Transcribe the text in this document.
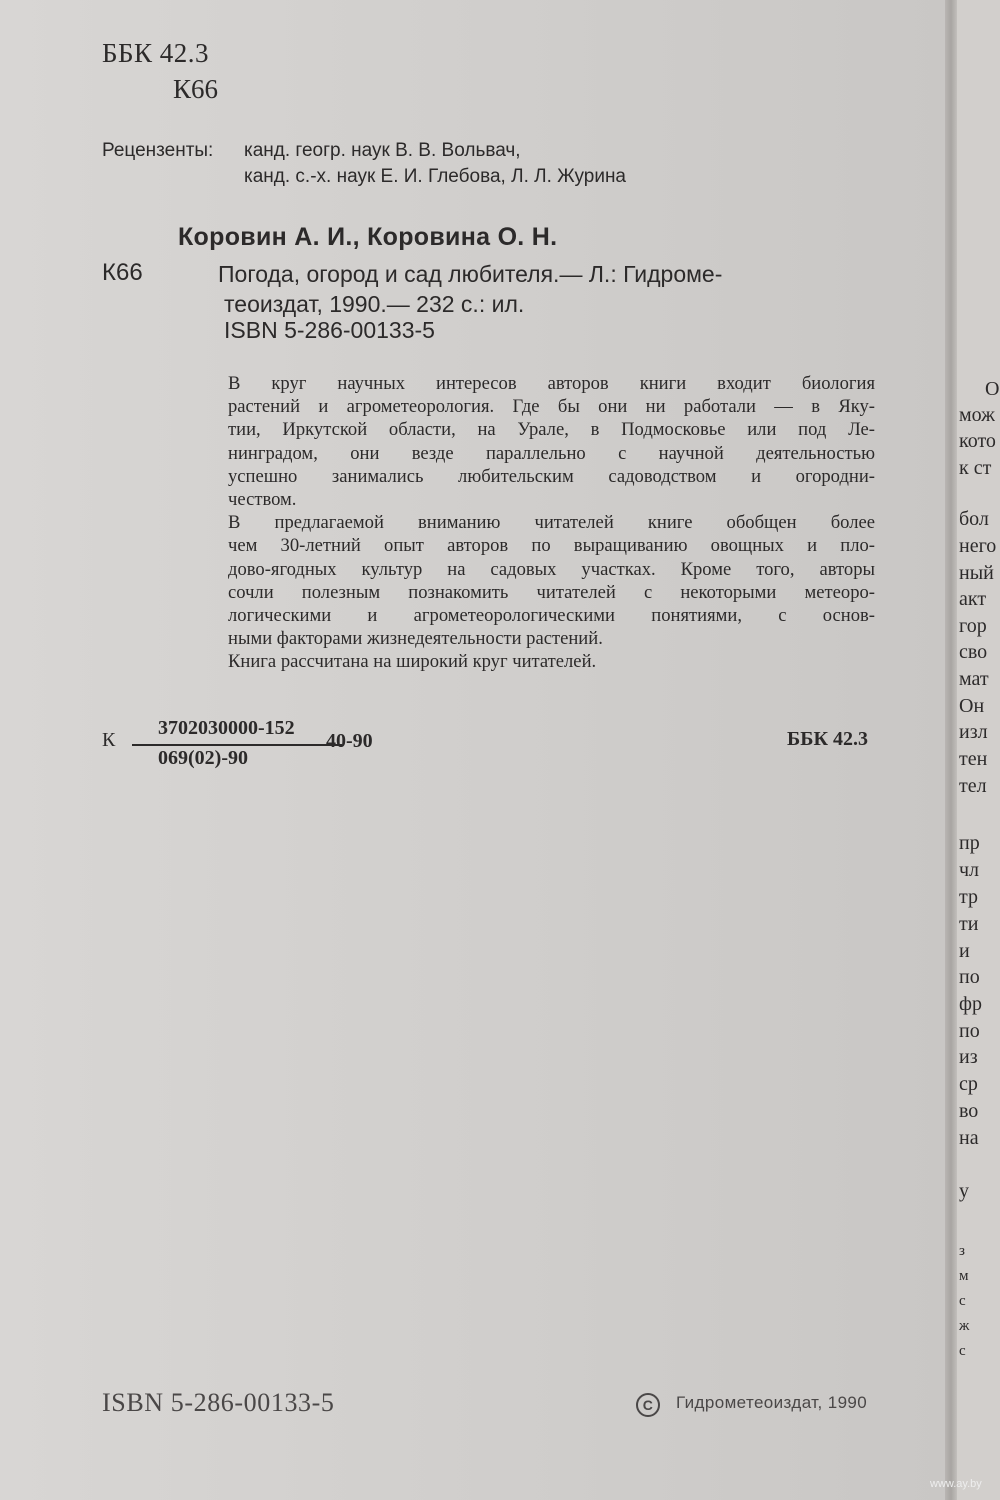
ББК 42.3
К66
Рецензенты: канд. геогр. наук В. В. Вольвач,
канд. с.-х. наук Е. И. Глебова, Л. Л. Журина
Коровин А. И., Коровина О. Н.
К66	Погода, огород и сад любителя.— Л.: Гидроме-
теоиздат, 1990.— 232 с.: ил.
ISBN 5-286-00133-5

В круг научных интересов авторов книги входит биология
растений и агрометеорология. Где бы они ни работали — в Яку-
тии, Иркутской области, на Урале, в Подмосковье или под Ле-
нинградом, они везде параллельно с научной деятельностью
успешно занимались любительским садоводством и огородни-
чеством.

В предлагаемой вниманию читателей книге обобщен более
чем 30-летний опыт авторов по выращиванию овощных и пло-
дово-ягодных культур на садовых участках. Кроме того, авторы
сочли полезным познакомить читателей с некоторыми метеоро-
логическими и агрометеорологическими понятиями, с основ-
ными факторами жизнедеятельности растений.

Книга рассчитана на широкий круг читателей.

К
3702030000-152
069(02)-90
40-90	ББК 42.3
ISBN 5-286-00133-5	С Гидрометеоиздат, 1990
О
мож
кото
к ст
бол
него
ный
акт
гор
сво
мат
Он
изл
тен
тел
пр
чл
тр
ти
и
по
фр
по
из
ср
во
на
у
з
м
с
ж
с
www.ay.by
